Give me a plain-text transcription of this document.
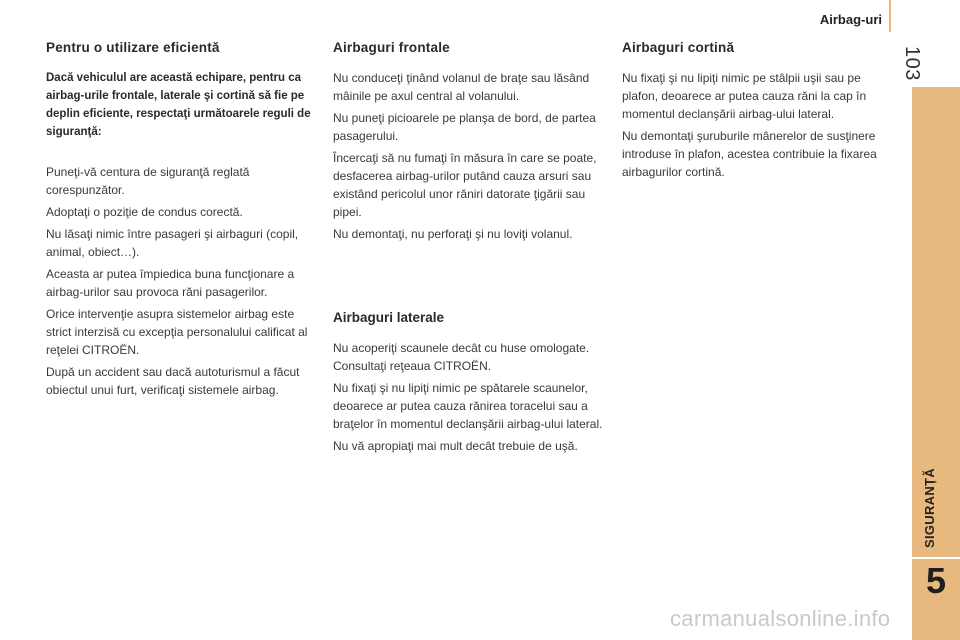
Airbag-uri
103
SIGURANȚĂ
5
Pentru o utilizare eficientă

Dacă vehiculul are această echipare, pentru ca airbag-urile frontale, laterale şi cortină să fie pe deplin eficiente, respectaţi următoarele reguli de siguranţă:

Puneţi-vă centura de siguranţă reglată corespunzător.

Adoptaţi o poziţie de condus corectă.

Nu lăsaţi nimic între pasageri şi airbaguri (copil, animal, obiect…).

Aceasta ar putea împiedica buna funcţionare a airbag-urilor sau provoca răni pasagerilor.

Orice intervenţie asupra sistemelor airbag este strict interzisă cu excepţia personalului calificat al reţelei CITROËN.

După un accident sau dacă autoturismul a făcut obiectul unui furt, verificaţi sistemele airbag.

Airbaguri frontale

Nu conduceţi ţinând volanul de braţe sau lăsând mâinile pe axul central al volanului.

Nu puneţi picioarele pe planşa de bord, de partea pasagerului.

Încercaţi să nu fumaţi în măsura în care se poate, desfacerea airbag-urilor putând cauza arsuri sau existând pericolul unor răniri datorate ţigării sau pipei.

Nu demontaţi, nu perforaţi şi nu loviţi volanul.

Airbaguri laterale

Nu acoperiţi scaunele decât cu huse omologate. Consultaţi reţeaua CITROËN.

Nu fixaţi şi nu lipiţi nimic pe spătarele scaunelor, deoarece ar putea cauza rănirea toracelui sau a braţelor în momentul declanşării airbag-ului lateral.

Nu vă apropiaţi mai mult decât trebuie de uşă.

Airbaguri cortină

Nu fixaţi şi nu lipiţi nimic pe stâlpii uşii sau pe plafon, deoarece ar putea cauza răni la cap în momentul declanşării airbag-ului lateral.

Nu demontaţi şuruburile mânerelor de susţinere introduse în plafon, acestea contribuie la fixarea airbagurilor cortină.

carmanualsonline.info
